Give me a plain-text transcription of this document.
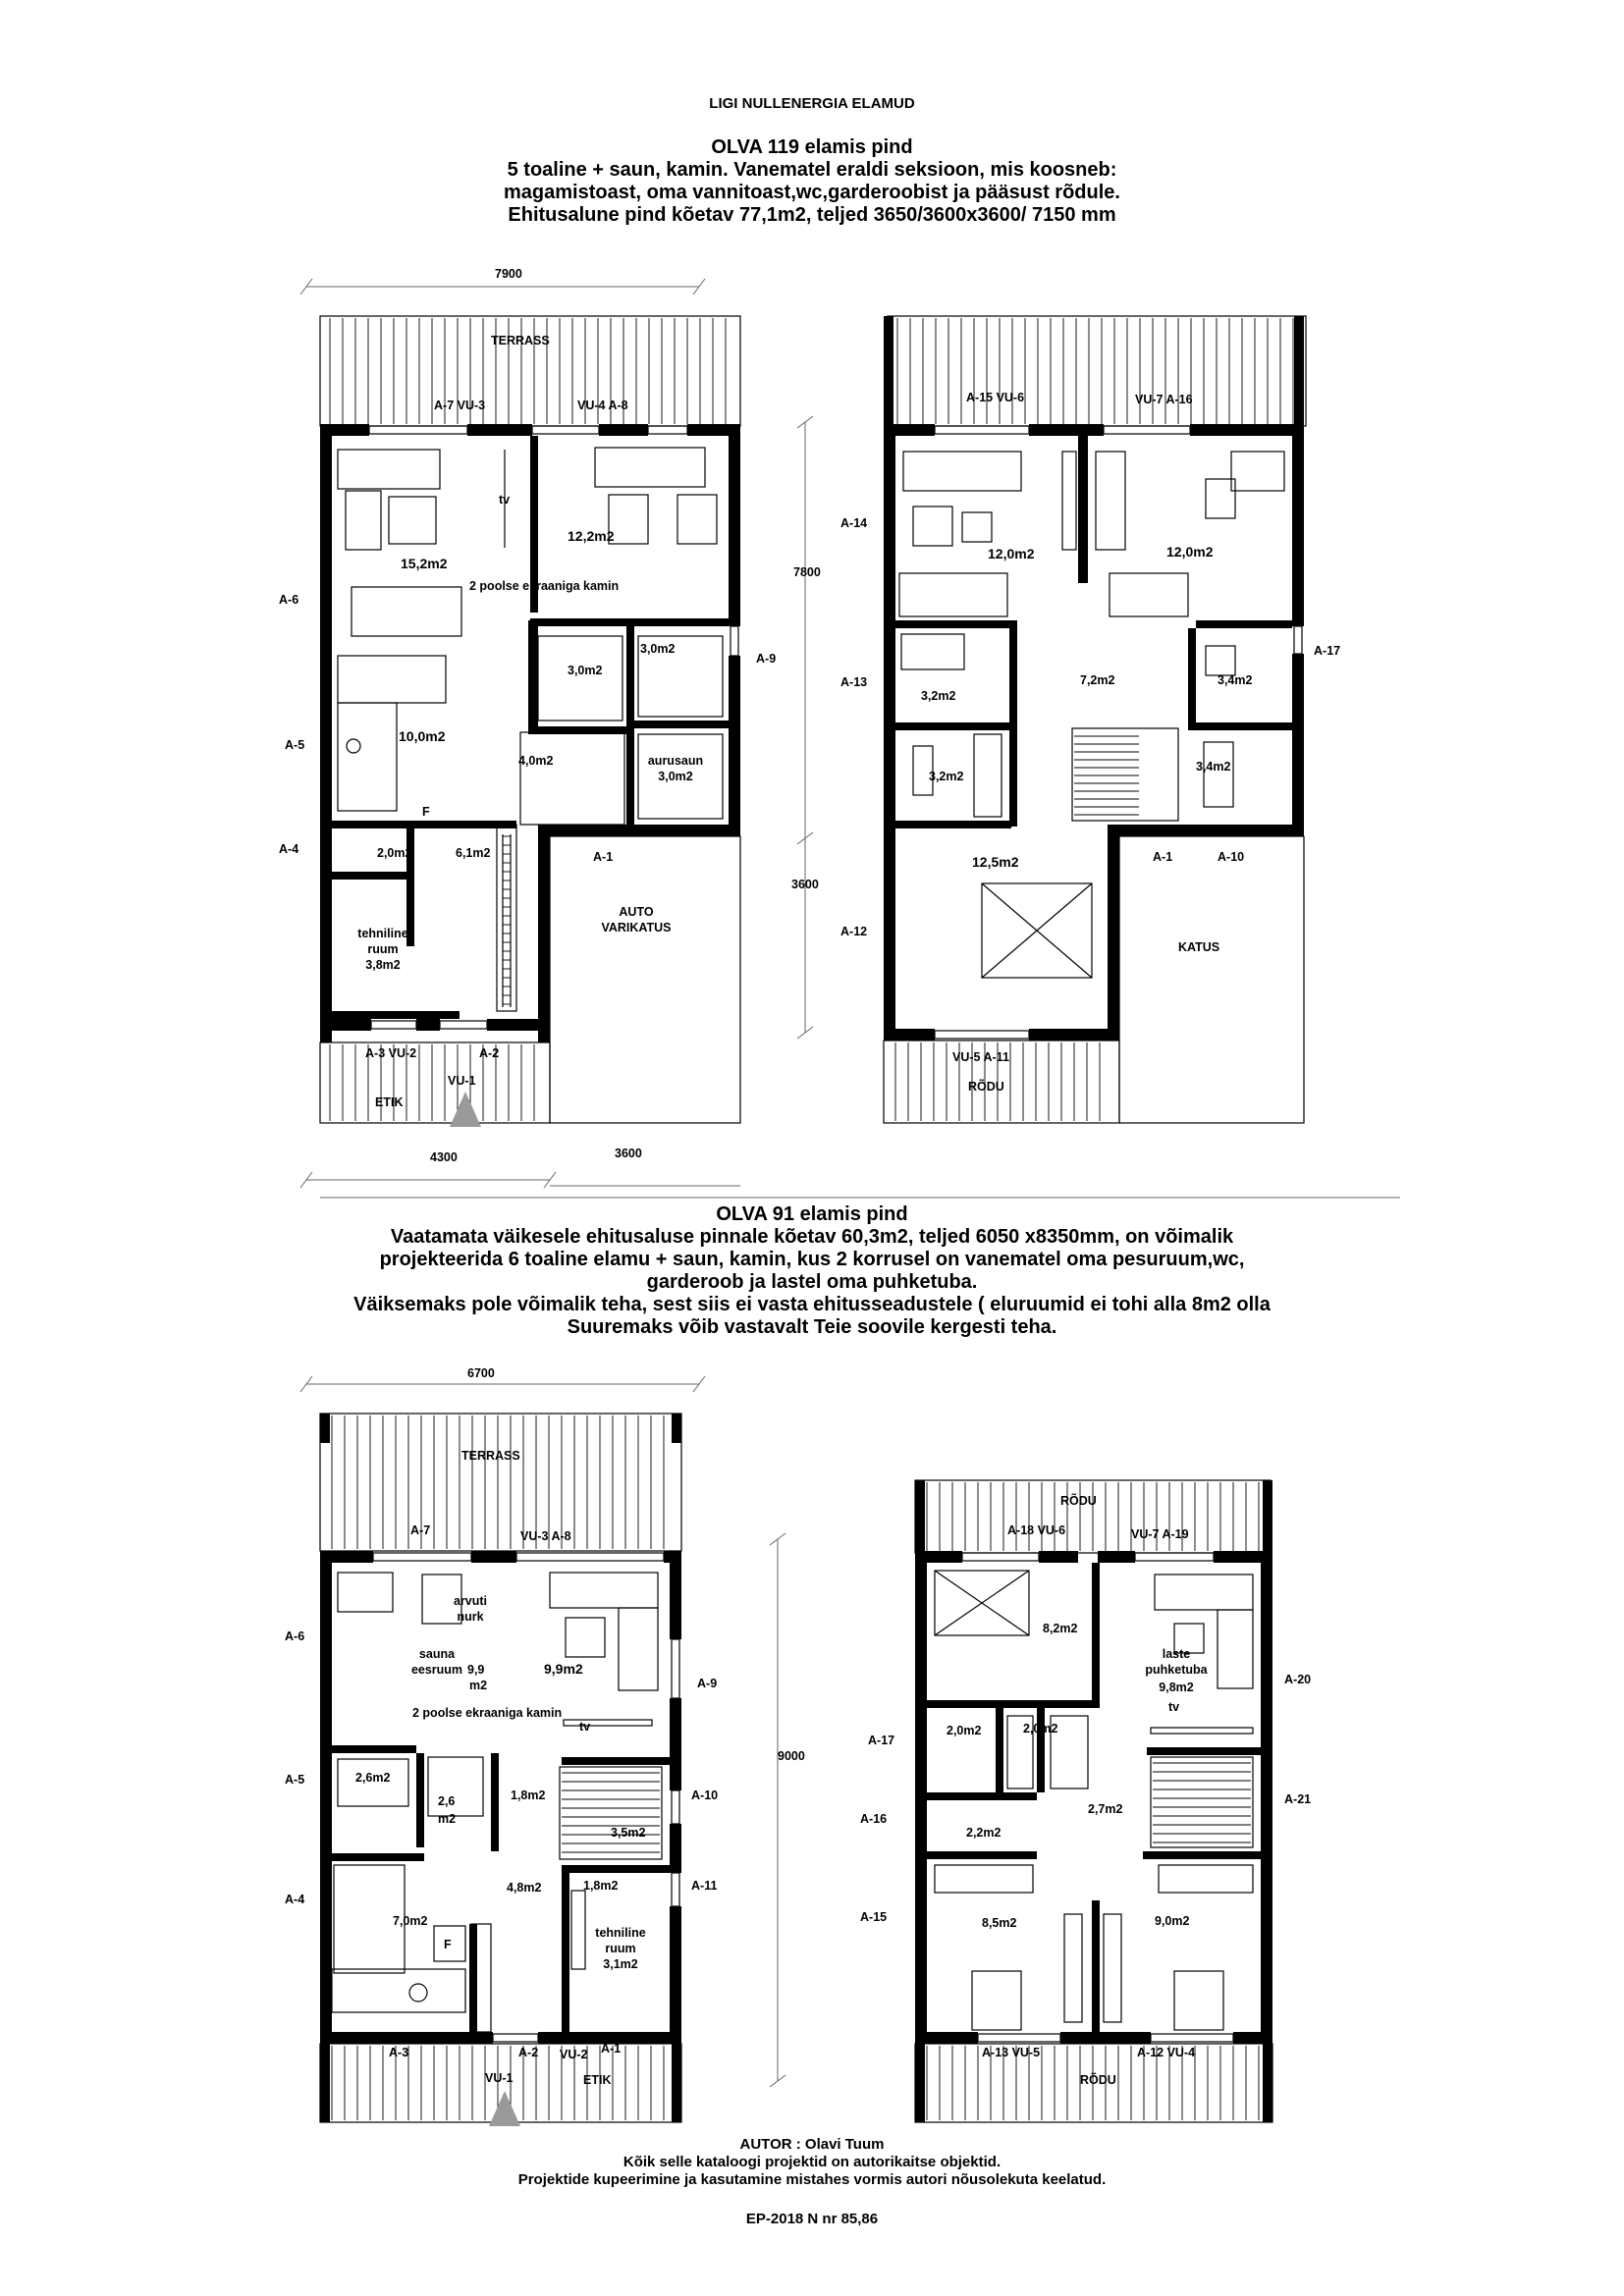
LIGI NULLENERGIA ELAMUD
OLVA 119 elamis pind
5 toaline + saun, kamin. Vanematel eraldi seksioon, mis koosneb:
magamistoast, oma vannitoast,wc,garderoobist ja pääsust rõdule.
Ehitusalune pind kõetav 77,1m2, teljed 3650/3600x3600/ 7150 mm
7900
TERRASS
A-7 VU-3	VU-4 A-8
tv
12,2m2
15,2m2
2 poolse ekraaniga kamin
A-6
A-9
3,0m2
3,0m2
A-5
10,0m2
4,0m2	aurusaun
3,0m2
F
A-4	2,0m2	6,1m2	A-1
AUTO
VARIKATUS
tehniline
ruum
3,8m2
A-3 VU-2	A-2
VU-1
ETIK
4300	3600
A-15 VU-6	VU-7 A-16
A-14
7800
12,0m2	12,0m2
A-17
A-13
3,2m2
7,2m2	3,4m2
3,2m2
3,4m2
A-1	A-10
12,5m2
3600
A-12
KATUS
VU-5 A-11
RÕDU
OLVA 91 elamis pind
Vaatamata väikesele ehitusaluse pinnale kõetav 60,3m2, teljed 6050 x8350mm, on võimalik
projekteerida 6 toaline elamu + saun, kamin, kus 2 korrusel on vanematel oma pesuruum,wc,
garderoob ja lastel oma puhketuba.
Väiksemaks pole võimalik teha, sest siis ei vasta ehitusseadustele ( eluruumid ei tohi alla 8m2 olla
Suuremaks võib vastavalt Teie soovile kergesti teha.
6700
TERRASS
A-7	VU-3 A-8
arvuti
nurk
A-6
sauna
eesruum 9,9
m2
9,9m2
A-9
2 poolse ekraaniga kamin
tv
9000
A-5	2,6m2
2,6
m2
1,8m2	A-10
3,5m2
A-4
4,8m2	1,8m2	A-11
7,0m2
F
tehniline
ruum
3,1m2
A-3	A-2 VU-2 A-1
VU-1	ETIK
RÕDU
A-18 VU-6	VU-7 A-19
8,2m2
laste
puhketuba
A-20
9,8m2
tv
A-17
2,0m2	2,0m2
A-21
2,7m2
A-16
2,2m2
A-15	8,5m2	9,0m2
A-13 VU-5	A-12 VU-4
RÕDU
AUTOR : Olavi Tuum
Kõik selle kataloogi projektid on autorikaitse objektid.
Projektide kupeerimine ja kasutamine mistahes vormis autori nõusolekuta keelatud.
EP-2018 N nr 85,86
